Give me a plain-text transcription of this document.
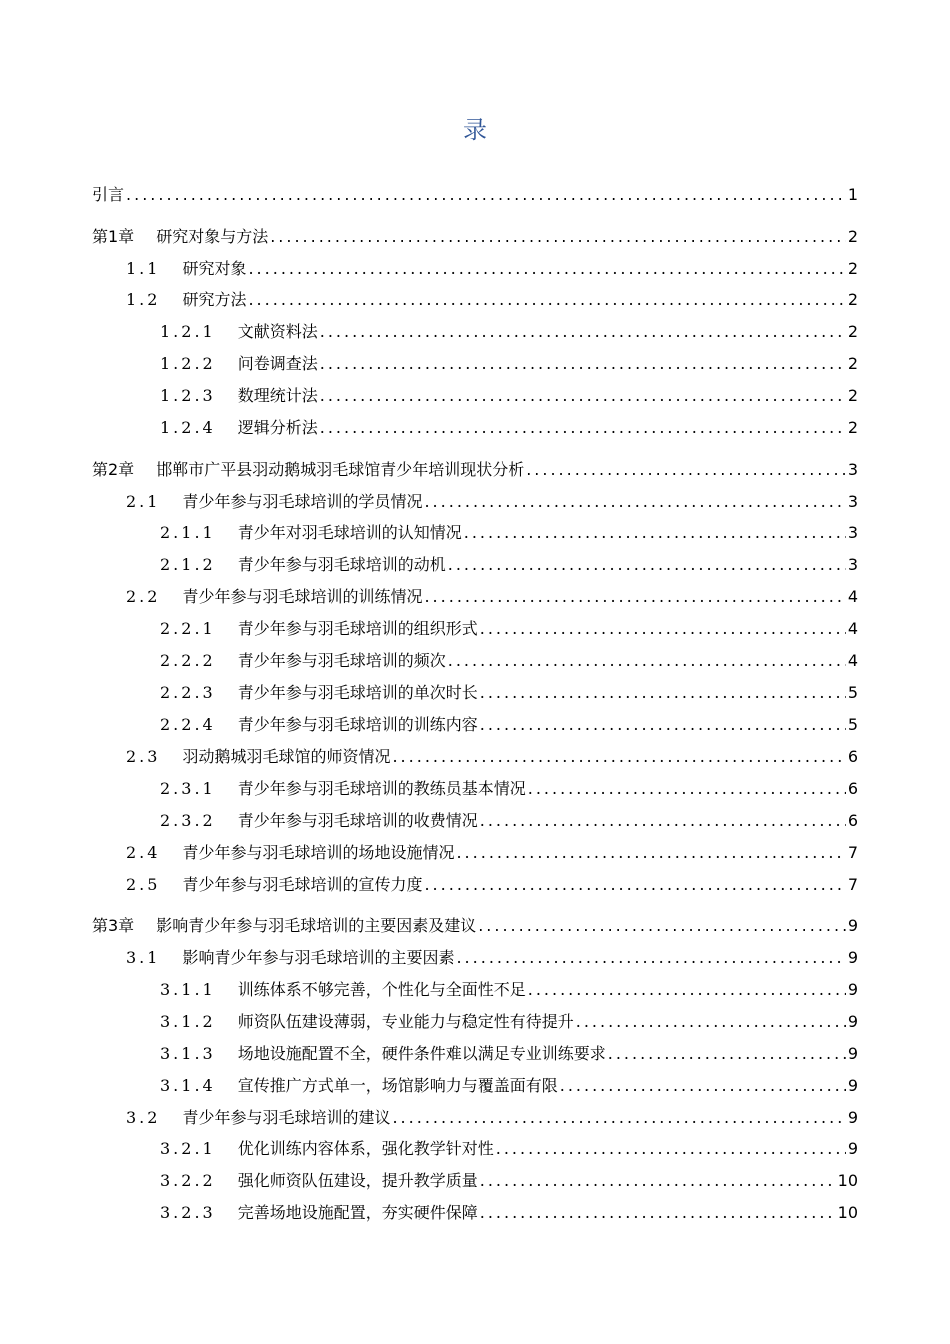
录
引言 .....	1
第1章 研究对象与方法 .....	2
1.1 研究对象 .....	2
1.2 研究方法 .....	2
1.2.1 文献资料法 .....	2
1.2.2 问卷调查法 .....	2
1.2.3 数理统计法 .....	2
1.2.4 逻辑分析法 .....	2
第2章 邯郸市广平县羽动鹅城羽毛球馆青少年培训现状分析 .....	3
2.1 青少年参与羽毛球培训的学员情况 .....	3
2.1.1 青少年对羽毛球培训的认知情况 .....	3
2.1.2 青少年参与羽毛球培训的动机 .....	3
2.2 青少年参与羽毛球培训的训练情况 .....	4
2.2.1 青少年参与羽毛球培训的组织形式 .....	4
2.2.2 青少年参与羽毛球培训的频次 .....	4
2.2.3 青少年参与羽毛球培训的单次时长 .....	5
2.2.4 青少年参与羽毛球培训的训练内容 .....	5
2.3 羽动鹅城羽毛球馆的师资情况 .....	6
2.3.1 青少年参与羽毛球培训的教练员基本情况 .....	6
2.3.2 青少年参与羽毛球培训的收费情况 .....	6
2.4 青少年参与羽毛球培训的场地设施情况 .....	7
2.5 青少年参与羽毛球培训的宣传力度 .....	7
第3章 影响青少年参与羽毛球培训的主要因素及建议 .....	9
3.1 影响青少年参与羽毛球培训的主要因素 .....	9
3.1.1 训练体系不够完善，个性化与全面性不足 .....	9
3.1.2 师资队伍建设薄弱，专业能力与稳定性有待提升 .....	9
3.1.3 场地设施配置不全，硬件条件难以满足专业训练要求 .....	9
3.1.4 宣传推广方式单一，场馆影响力与覆盖面有限 .....	9
3.2 青少年参与羽毛球培训的建议 .....	9
3.2.1 优化训练内容体系，强化教学针对性 .....	9
3.2.2 强化师资队伍建设，提升教学质量 .....	10
3.2.3 完善场地设施配置，夯实硬件保障 .....	10
